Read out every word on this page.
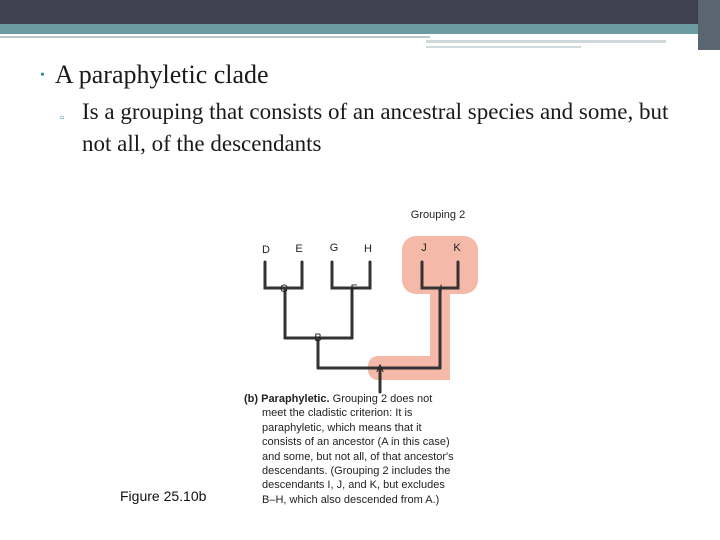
• A paraphyletic clade
▫ Is a grouping that consists of an ancestral species and some, but not all, of the descendants
Grouping 2
D E G H	J K
C	F	I
B
A
(b) Paraphyletic. Grouping 2 does not
meet the cladistic criterion: It is
paraphyletic, which means that it
consists of an ancestor (A in this case)
and some, but not all, of that ancestor's
descendants. (Grouping 2 includes the
descendants I, J, and K, but excludes
B–H, which also descended from A.)
Figure 25.10b
